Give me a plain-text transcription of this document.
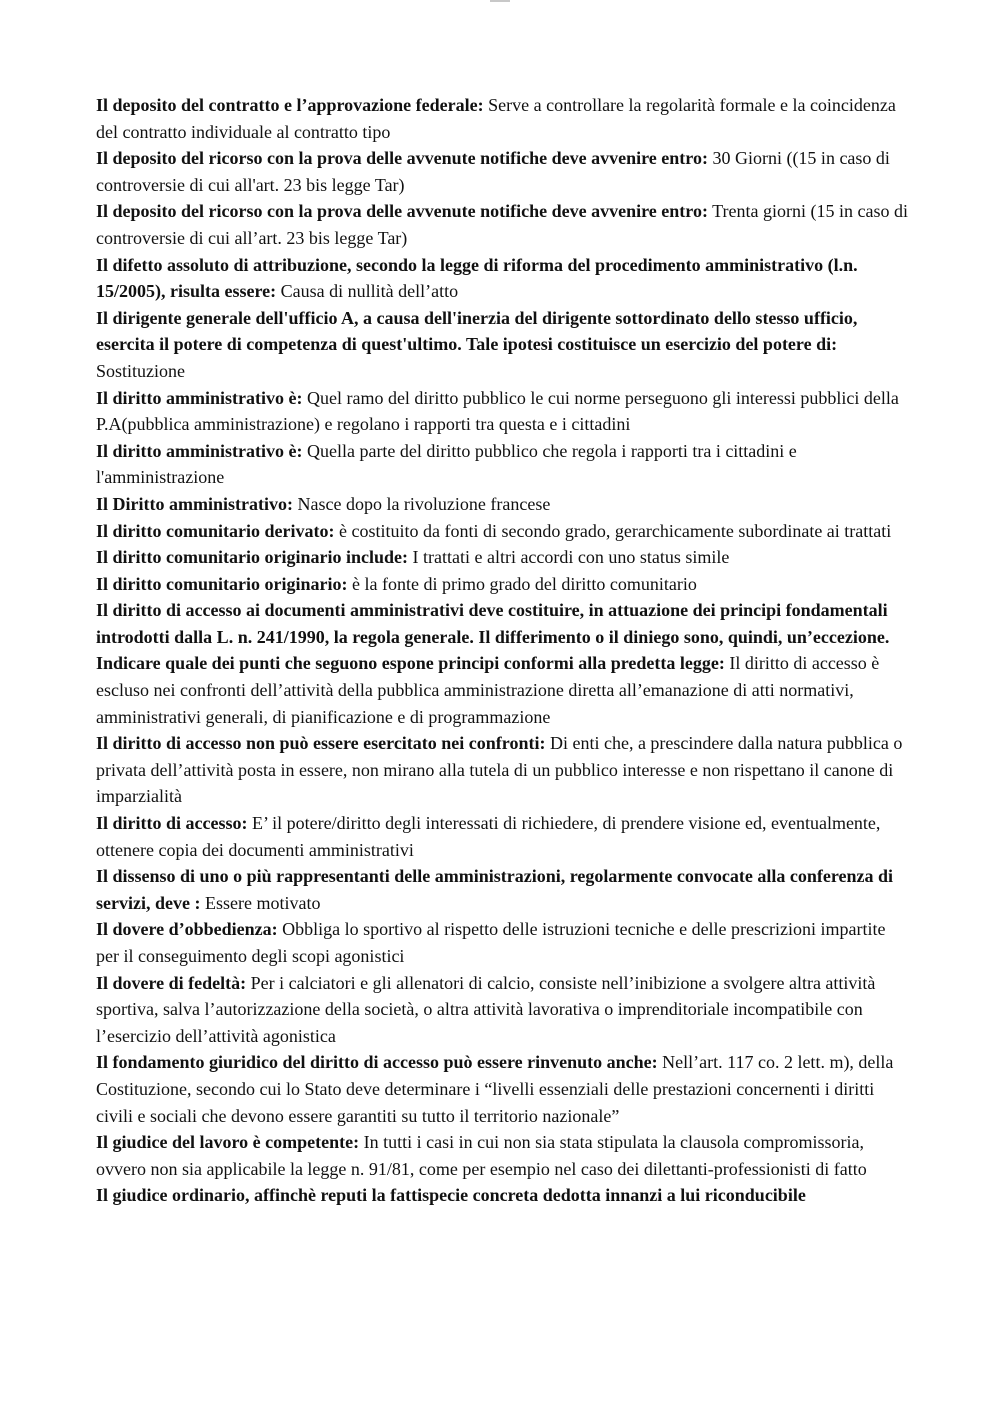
Il deposito del contratto e l’approvazione federale: Serve a controllare la regolarità formale e la coincidenza del contratto individuale al contratto tipo

Il deposito del ricorso con la prova delle avvenute notifiche deve avvenire entro: 30 Giorni ((15 in caso di controversie di cui all'art. 23 bis legge Tar)

Il deposito del ricorso con la prova delle avvenute notifiche deve avvenire entro: Trenta giorni (15 in caso di controversie di cui all’art. 23 bis legge Tar)

Il difetto assoluto di attribuzione, secondo la legge di riforma del procedimento amministrativo (l.n. 15/2005), risulta essere: Causa di nullità dell’atto

Il dirigente generale dell'ufficio A, a causa dell'inerzia del dirigente sottordinato dello stesso ufficio, esercita il potere di competenza di quest'ultimo. Tale ipotesi costituisce un esercizio del potere di: Sostituzione

Il diritto amministrativo è: Quel ramo del diritto pubblico le cui norme perseguono gli interessi pubblici della P.A(pubblica amministrazione) e regolano i rapporti tra questa e i cittadini

Il diritto amministrativo è: Quella parte del diritto pubblico che regola i rapporti tra i cittadini e l'amministrazione

Il Diritto amministrativo: Nasce dopo la rivoluzione francese

Il diritto comunitario derivato: è costituito da fonti di secondo grado, gerarchicamente subordinate ai trattati

Il diritto comunitario originario include: I trattati e altri accordi con uno status simile

Il diritto comunitario originario: è la fonte di primo grado del diritto comunitario

Il diritto di accesso ai documenti amministrativi deve costituire, in attuazione dei principi fondamentali introdotti dalla L. n. 241/1990, la regola generale. Il differimento o il diniego sono, quindi, un’eccezione. Indicare quale dei punti che seguono espone principi conformi alla predetta legge: Il diritto di accesso è escluso nei confronti dell’attività della pubblica amministrazione diretta all’emanazione di atti normativi, amministrativi generali, di pianificazione e di programmazione

Il diritto di accesso non può essere esercitato nei confronti: Di enti che, a prescindere dalla natura pubblica o privata dell’attività posta in essere, non mirano alla tutela di un pubblico interesse e non rispettano il canone di imparzialità

Il diritto di accesso: E’ il potere/diritto degli interessati di richiedere, di prendere visione ed, eventualmente, ottenere copia dei documenti amministrativi

Il dissenso di uno o più rappresentanti delle amministrazioni, regolarmente convocate alla conferenza di servizi, deve : Essere motivato

Il dovere d’obbedienza: Obbliga lo sportivo al rispetto delle istruzioni tecniche e delle prescrizioni impartite per il conseguimento degli scopi agonistici

Il dovere di fedeltà: Per i calciatori e gli allenatori di calcio, consiste nell’inibizione a svolgere altra attività sportiva, salva l’autorizzazione della società, o altra attività lavorativa o imprenditoriale incompatibile con l’esercizio dell’attività agonistica

Il fondamento giuridico del diritto di accesso può essere rinvenuto anche: Nell’art. 117 co. 2 lett. m), della Costituzione, secondo cui lo Stato deve determinare i “livelli essenziali delle prestazioni concernenti i diritti civili e sociali che devono essere garantiti su tutto il territorio nazionale”

Il giudice del lavoro è competente: In tutti i casi in cui non sia stata stipulata la clausola compromissoria, ovvero non sia applicabile la legge n. 91/81, come per esempio nel caso dei dilettanti-professionisti di fatto

Il giudice ordinario, affinchè reputi la fattispecie concreta dedotta innanzi a lui riconducibile
